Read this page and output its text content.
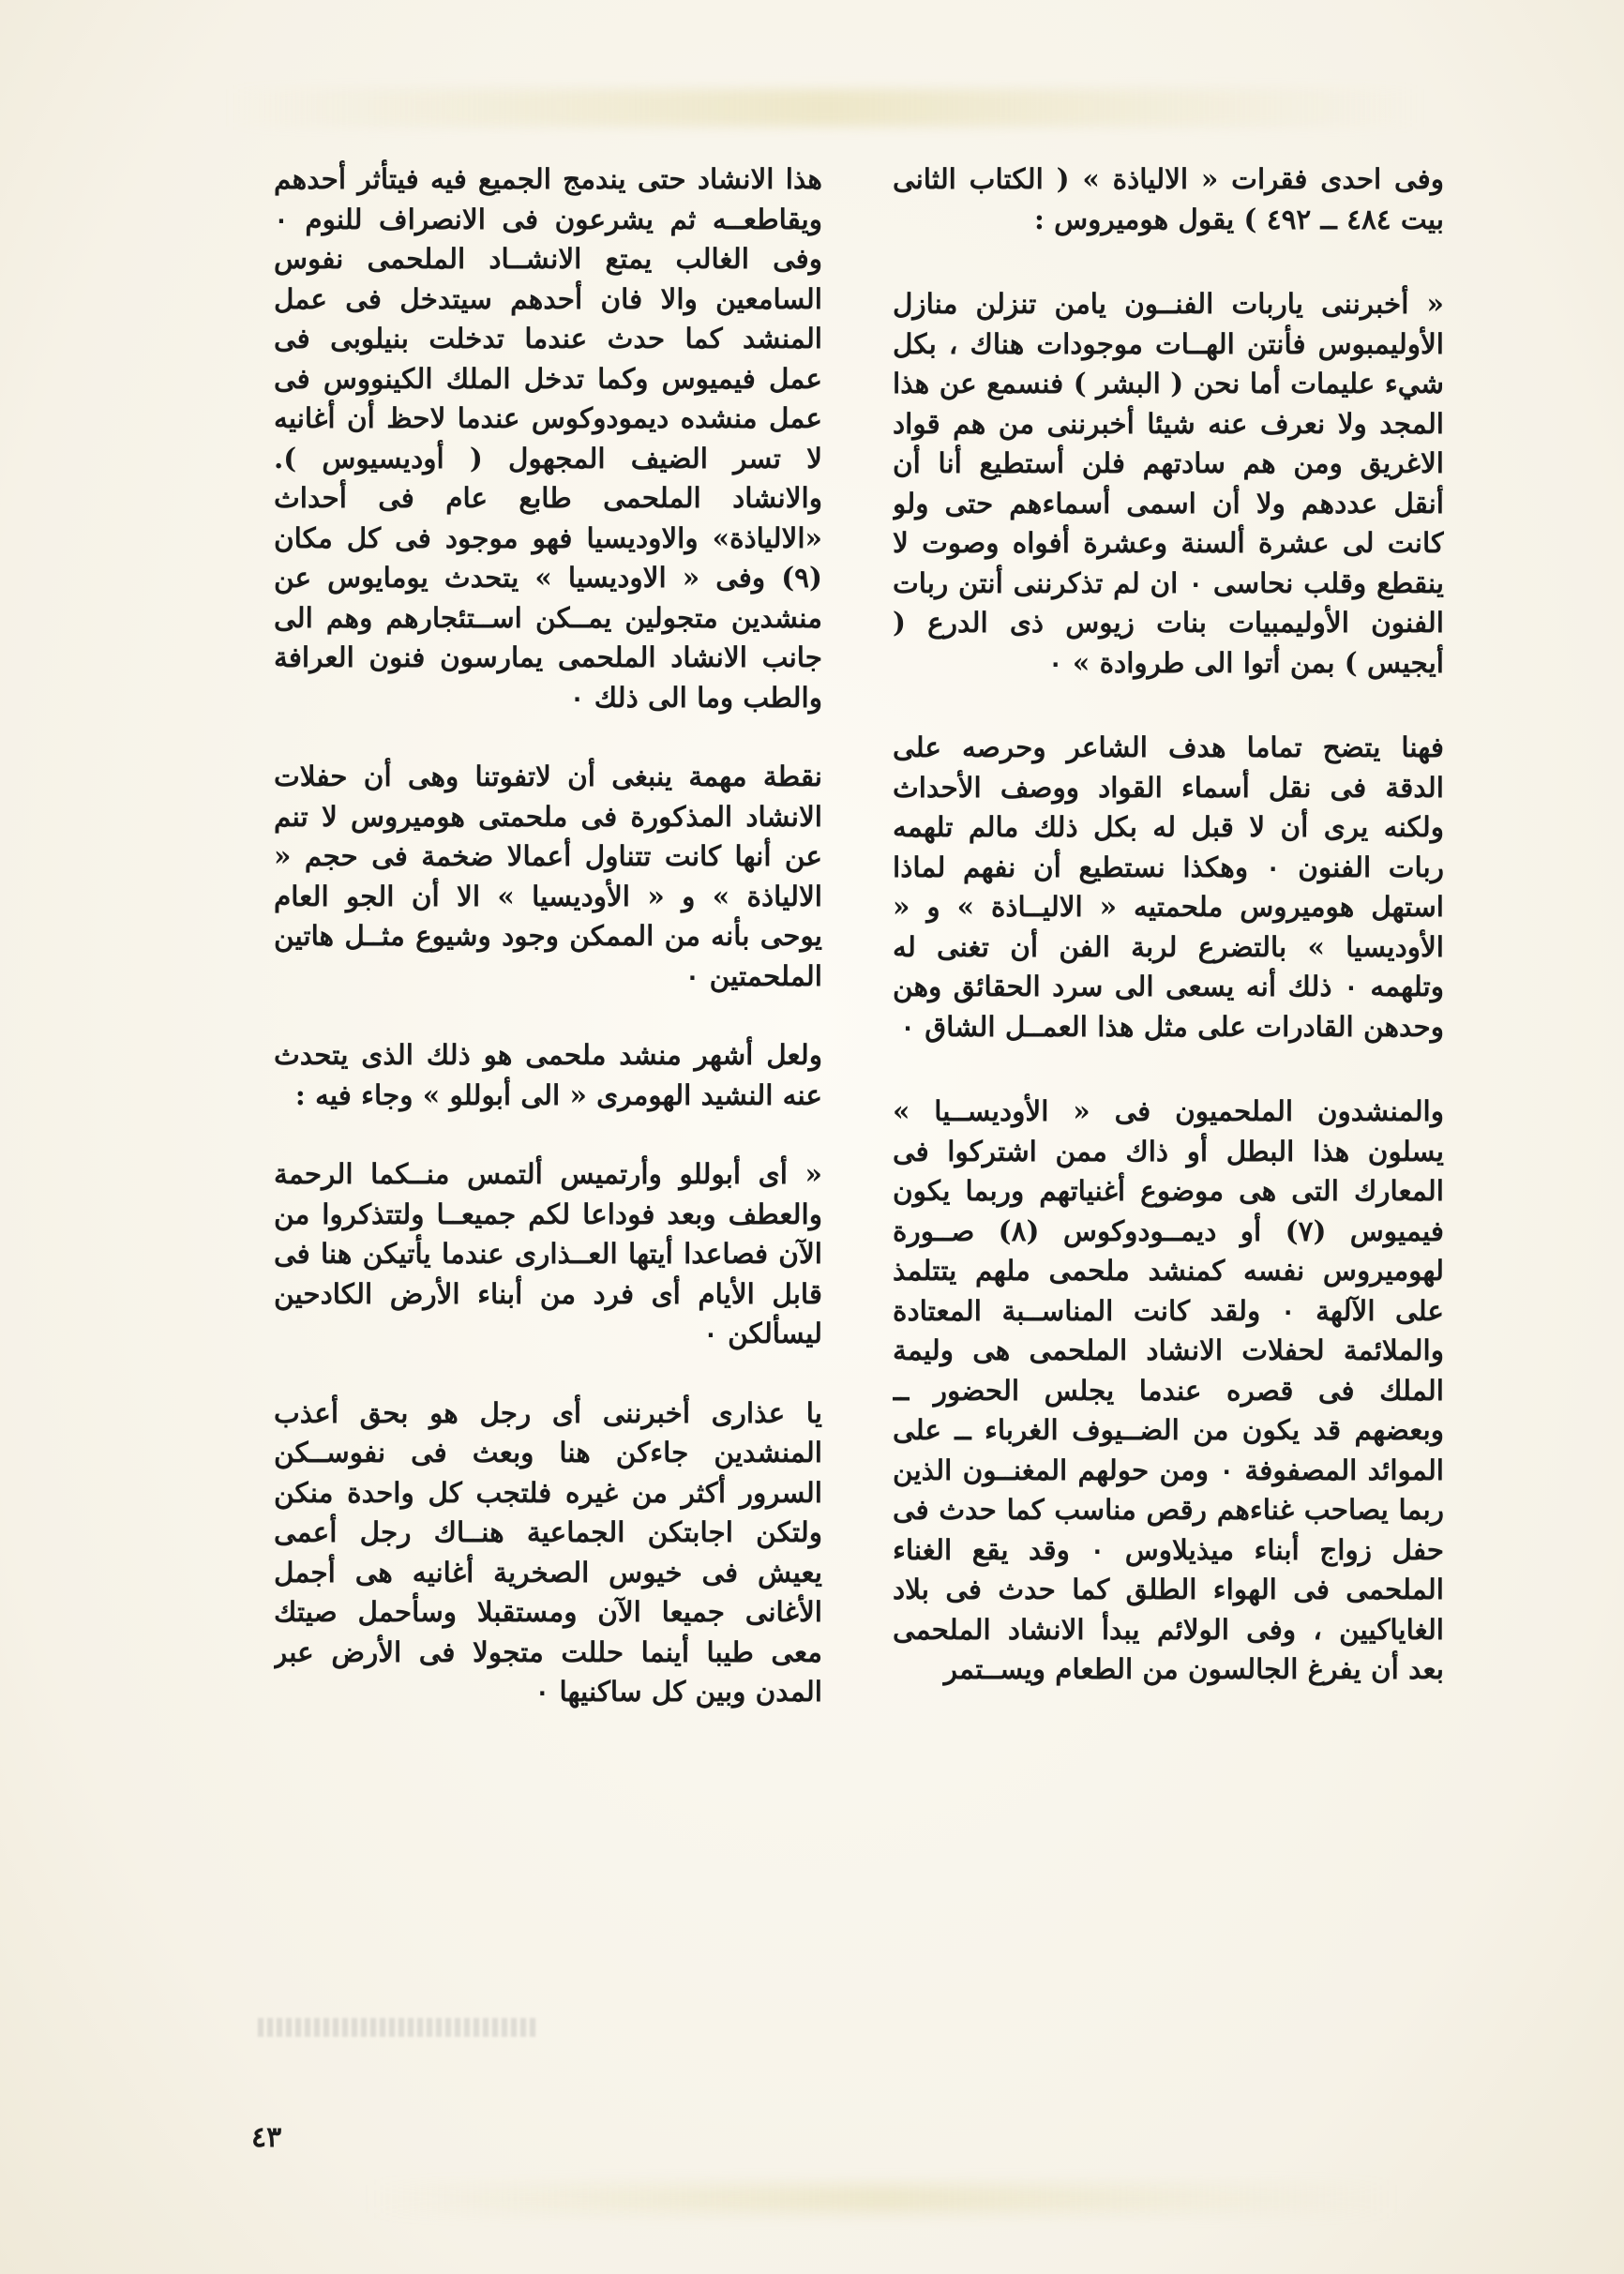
وفى احدى فقرات « الالياذة » ( الكتاب الثانى بيت ٤٨٤ ــ ٤٩٢ ) يقول هوميروس :

« أخبرننى ياربات الفنــون يامن تنزلن منازل الأوليمبوس فأنتن الهــات موجودات هناك ، بكل شيء عليمات أما نحن ( البشر ) فنسمع عن هذا المجد ولا نعرف عنه شيئا أخبرننى من هم قواد الاغريق ومن هم سادتهم فلن أستطيع أنا أن أنقل عددهم ولا أن اسمى أسماءهم حتى ولو كانت لى عشرة ألسنة وعشرة أفواه وصوت لا ينقطع وقلب نحاسى ٠ ان لم تذكرننى أنتن ربات الفنون الأوليمبيات بنات زيوس ذى الدرع ( أيجيس ) بمن أتوا الى طروادة » ٠

فهنا يتضح تماما هدف الشاعر وحرصه على الدقة فى نقل أسماء القواد ووصف الأحداث ولكنه يرى أن لا قبل له بكل ذلك مالم تلهمه ربات الفنون ٠ وهكذا نستطيع أن نفهم لماذا استهل هوميروس ملحمتيه « الاليــاذة » و « الأوديسيا » بالتضرع لربة الفن أن تغنى له وتلهمه ٠ ذلك أنه يسعى الى سرد الحقائق وهن وحدهن القادرات على مثل هذا العمــل الشاق ٠

والمنشدون الملحميون فى « الأوديســيا » يسلون هذا البطل أو ذاك ممن اشتركوا فى المعارك التى هى موضوع أغنياتهم وربما يكون فيميوس (٧) أو ديمــودوكوس (٨) صــورة لهوميروس نفسه كمنشد ملحمى ملهم يتتلمذ على الآلهة ٠ ولقد كانت المناســبة المعتادة والملائمة لحفلات الانشاد الملحمى هى وليمة الملك فى قصره عندما يجلس الحضور ــ وبعضهم قد يكون من الضــيوف الغرباء ــ على الموائد المصفوفة ٠ ومن حولهم المغنــون الذين ربما يصاحب غناءهم رقص مناسب كما حدث فى حفل زواج أبناء ميذيلاوس ٠ وقد يقع الغناء الملحمى فى الهواء الطلق كما حدث فى بلاد الغاياكيين ، وفى الولائم يبدأ الانشاد الملحمى بعد أن يفرغ الجالسون من الطعام ويســتمر

هذا الانشاد حتى يندمج الجميع فيه فيتأثر أحدهم ويقاطعــه ثم يشرعون فى الانصراف للنوم ٠ وفى الغالب يمتع الانشــاد الملحمى نفوس السامعين والا فان أحدهم سيتدخل فى عمل المنشد كما حدث عندما تدخلت بنيلوبى فى عمل فيميوس وكما تدخل الملك الكينووس فى عمل منشده ديمودوكوس عندما لاحظ أن أغانيه لا تسر الضيف المجهول ( أوديسيوس ). والانشاد الملحمى طابع عام فى أحداث «الالياذة» والاوديسيا فهو موجود فى كل مكان (٩) وفى « الاوديسيا » يتحدث يومايوس عن منشدين متجولين يمــكن اســتئجارهم وهم الى جانب الانشاد الملحمى يمارسون فنون العرافة والطب وما الى ذلك ٠

نقطة مهمة ينبغى أن لاتفوتنا وهى أن حفلات الانشاد المذكورة فى ملحمتى هوميروس لا تنم عن أنها كانت تتناول أعمالا ضخمة فى حجم « الالياذة » و « الأوديسيا » الا أن الجو العام يوحى بأنه من الممكن وجود وشيوع مثــل هاتين الملحمتين ٠

ولعل أشهر منشد ملحمى هو ذلك الذى يتحدث عنه النشيد الهومرى « الى أبوللو » وجاء فيه :

« أى أبوللو وأرتميس ألتمس منــكما الرحمة والعطف وبعد فوداعا لكم جميعــا ولتتذكروا من الآن فصاعدا أيتها العــذارى عندما يأتيكن هنا فى قابل الأيام أى فرد من أبناء الأرض الكادحين ليسألكن ٠

يا عذارى أخبرننى أى رجل هو بحق أعذب المنشدين جاءكن هنا وبعث فى نفوســكن السرور أكثر من غيره فلتجب كل واحدة منكن ولتكن اجابتكن الجماعية هنــاك رجل أعمى يعيش فى خيوس الصخرية أغانيه هى أجمل الأغانى جميعا الآن ومستقبلا وسأحمل صيتك معى طيبا أينما حللت متجولا فى الأرض عبر المدن وبين كل ساكنيها ٠

٤٣
